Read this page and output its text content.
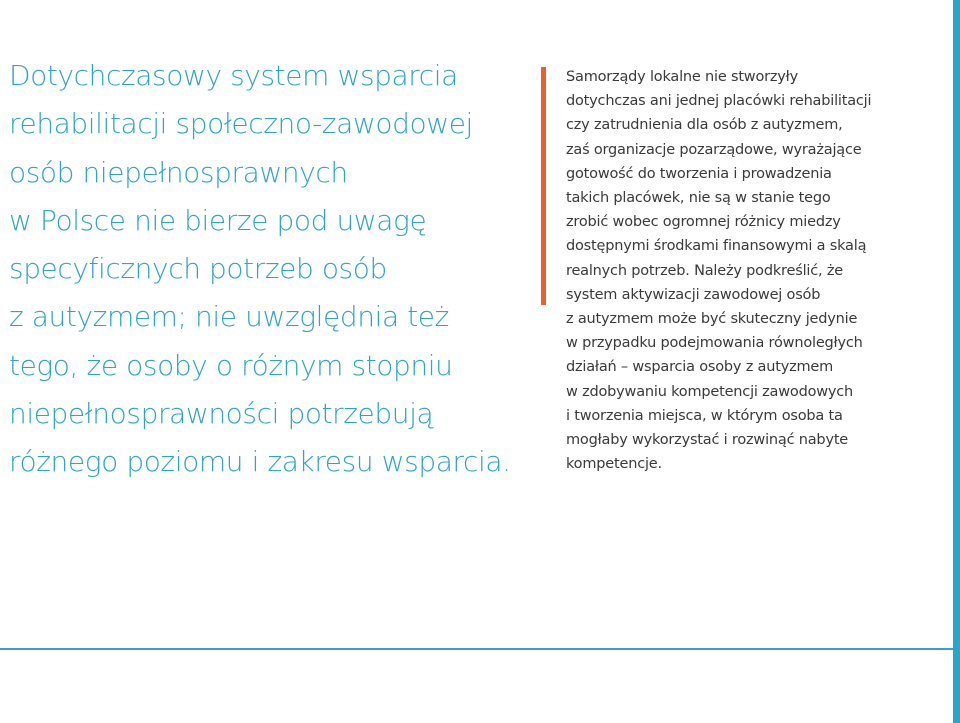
Dotychczasowy system wsparcia
rehabilitacji społeczno-zawodowej
osób niepełnosprawnych
w Polsce nie bierze pod uwagę
specyficznych potrzeb osób
z autyzmem; nie uwzględnia też
tego, że osoby o różnym stopniu
niepełnosprawności potrzebują
różnego poziomu i zakresu wsparcia.

Samorządy lokalne nie stworzyły
dotychczas ani jednej placówki rehabilitacji
czy zatrudnienia dla osób z autyzmem,
zaś organizacje pozarządowe, wyrażające
gotowość do tworzenia i prowadzenia
takich placówek, nie są w stanie tego
zrobić wobec ogromnej różnicy miedzy
dostępnymi środkami finansowymi a skalą
realnych potrzeb. Należy podkreślić, że
system aktywizacji zawodowej osób
z autyzmem może być skuteczny jedynie
w przypadku podejmowania równoległych
działań – wsparcia osoby z autyzmem
w zdobywaniu kompetencji zawodowych
i tworzenia miejsca, w którym osoba ta
mogłaby wykorzystać i rozwinąć nabyte
kompetencje.
